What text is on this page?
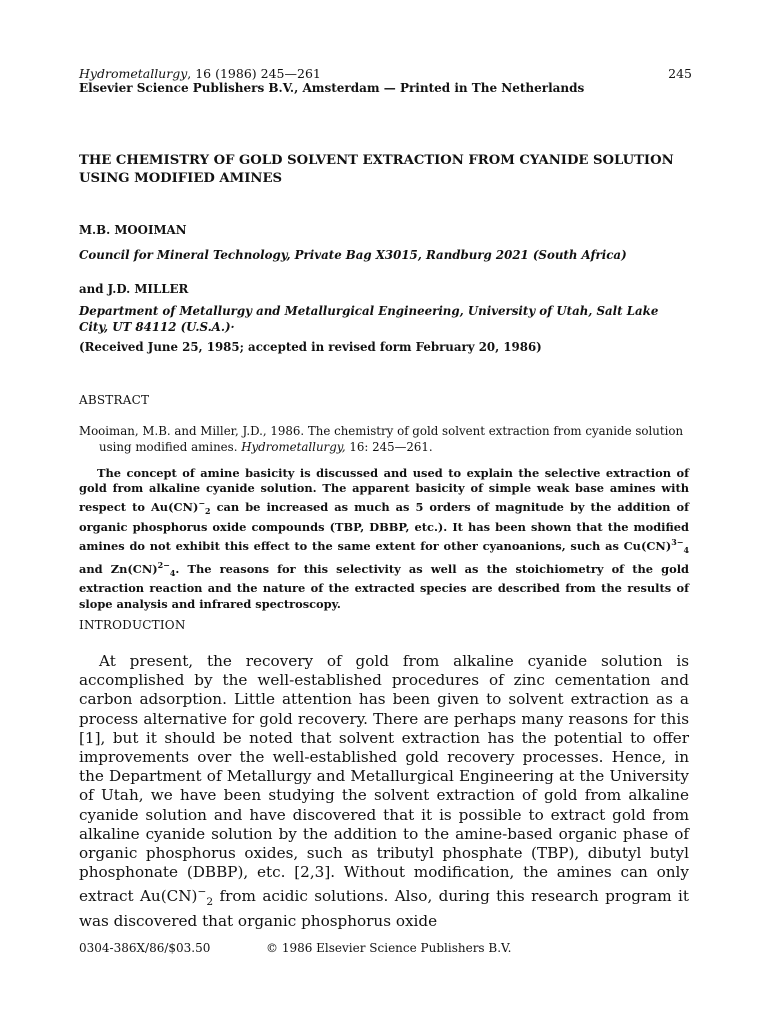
Hydrometallurgy, 16 (1986) 245—261	245
Elsevier Science Publishers B.V., Amsterdam — Printed in The Netherlands
THE CHEMISTRY OF GOLD SOLVENT EXTRACTION FROM CYANIDE SOLUTION USING MODIFIED AMINES
M.B. MOOIMAN
Council for Mineral Technology, Private Bag X3015, Randburg 2021 (South Africa)
and J.D. MILLER
Department of Metallurgy and Metallurgical Engineering, University of Utah, Salt Lake City, UT 84112 (U.S.A.)·
(Received June 25, 1985; accepted in revised form February 20, 1986)
ABSTRACT
Mooiman, M.B. and Miller, J.D., 1986. The chemistry of gold solvent extraction from cyanide solution using modified amines. Hydrometallurgy, 16: 245—261.
The concept of amine basicity is discussed and used to explain the selective extraction of gold from alkaline cyanide solution. The apparent basicity of simple weak base amines with respect to $Au(CN)^-_2$ can be increased as much as 5 orders of magnitude by the addition of organic phosphorus oxide compounds (TBP, DBBP, etc.). It has been shown that the modified amines do not exhibit this effect to the same extent for other cyanoanions, such as Cu(CN)$^{3-}_4$ and Zn(CN)$^{2-}_4$. The reasons for this selectivity as well as the stoichiometry of the gold extraction reaction and the nature of the extracted species are described from the results of slope analysis and infrared spectroscopy.
INTRODUCTION
At present, the recovery of gold from alkaline cyanide solution is accomplished by the well-established procedures of zinc cementation and carbon adsorption. Little attention has been given to solvent extraction as a process alternative for gold recovery. There are perhaps many reasons for this [1], but it should be noted that solvent extraction has the potential to offer improvements over the well-established gold recovery processes. Hence, in the Department of Metallurgy and Metallurgical Engineering at the University of Utah, we have been studying the solvent extraction of gold from alkaline cyanide solution and have discovered that it is possible to extract gold from alkaline cyanide solution by the addition to the amine-based organic phase of organic phosphorus oxides, such as tributyl phosphate (TBP), dibutyl butyl phosphonate (DBBP), etc. [2,3]. Without modification, the amines can only extract $Au(CN)^-_2$ from acidic solutions. Also, during this research program it was discovered that organic phosphorus oxide
0304-386X/86/$03.50	© 1986 Elsevier Science Publishers B.V.
